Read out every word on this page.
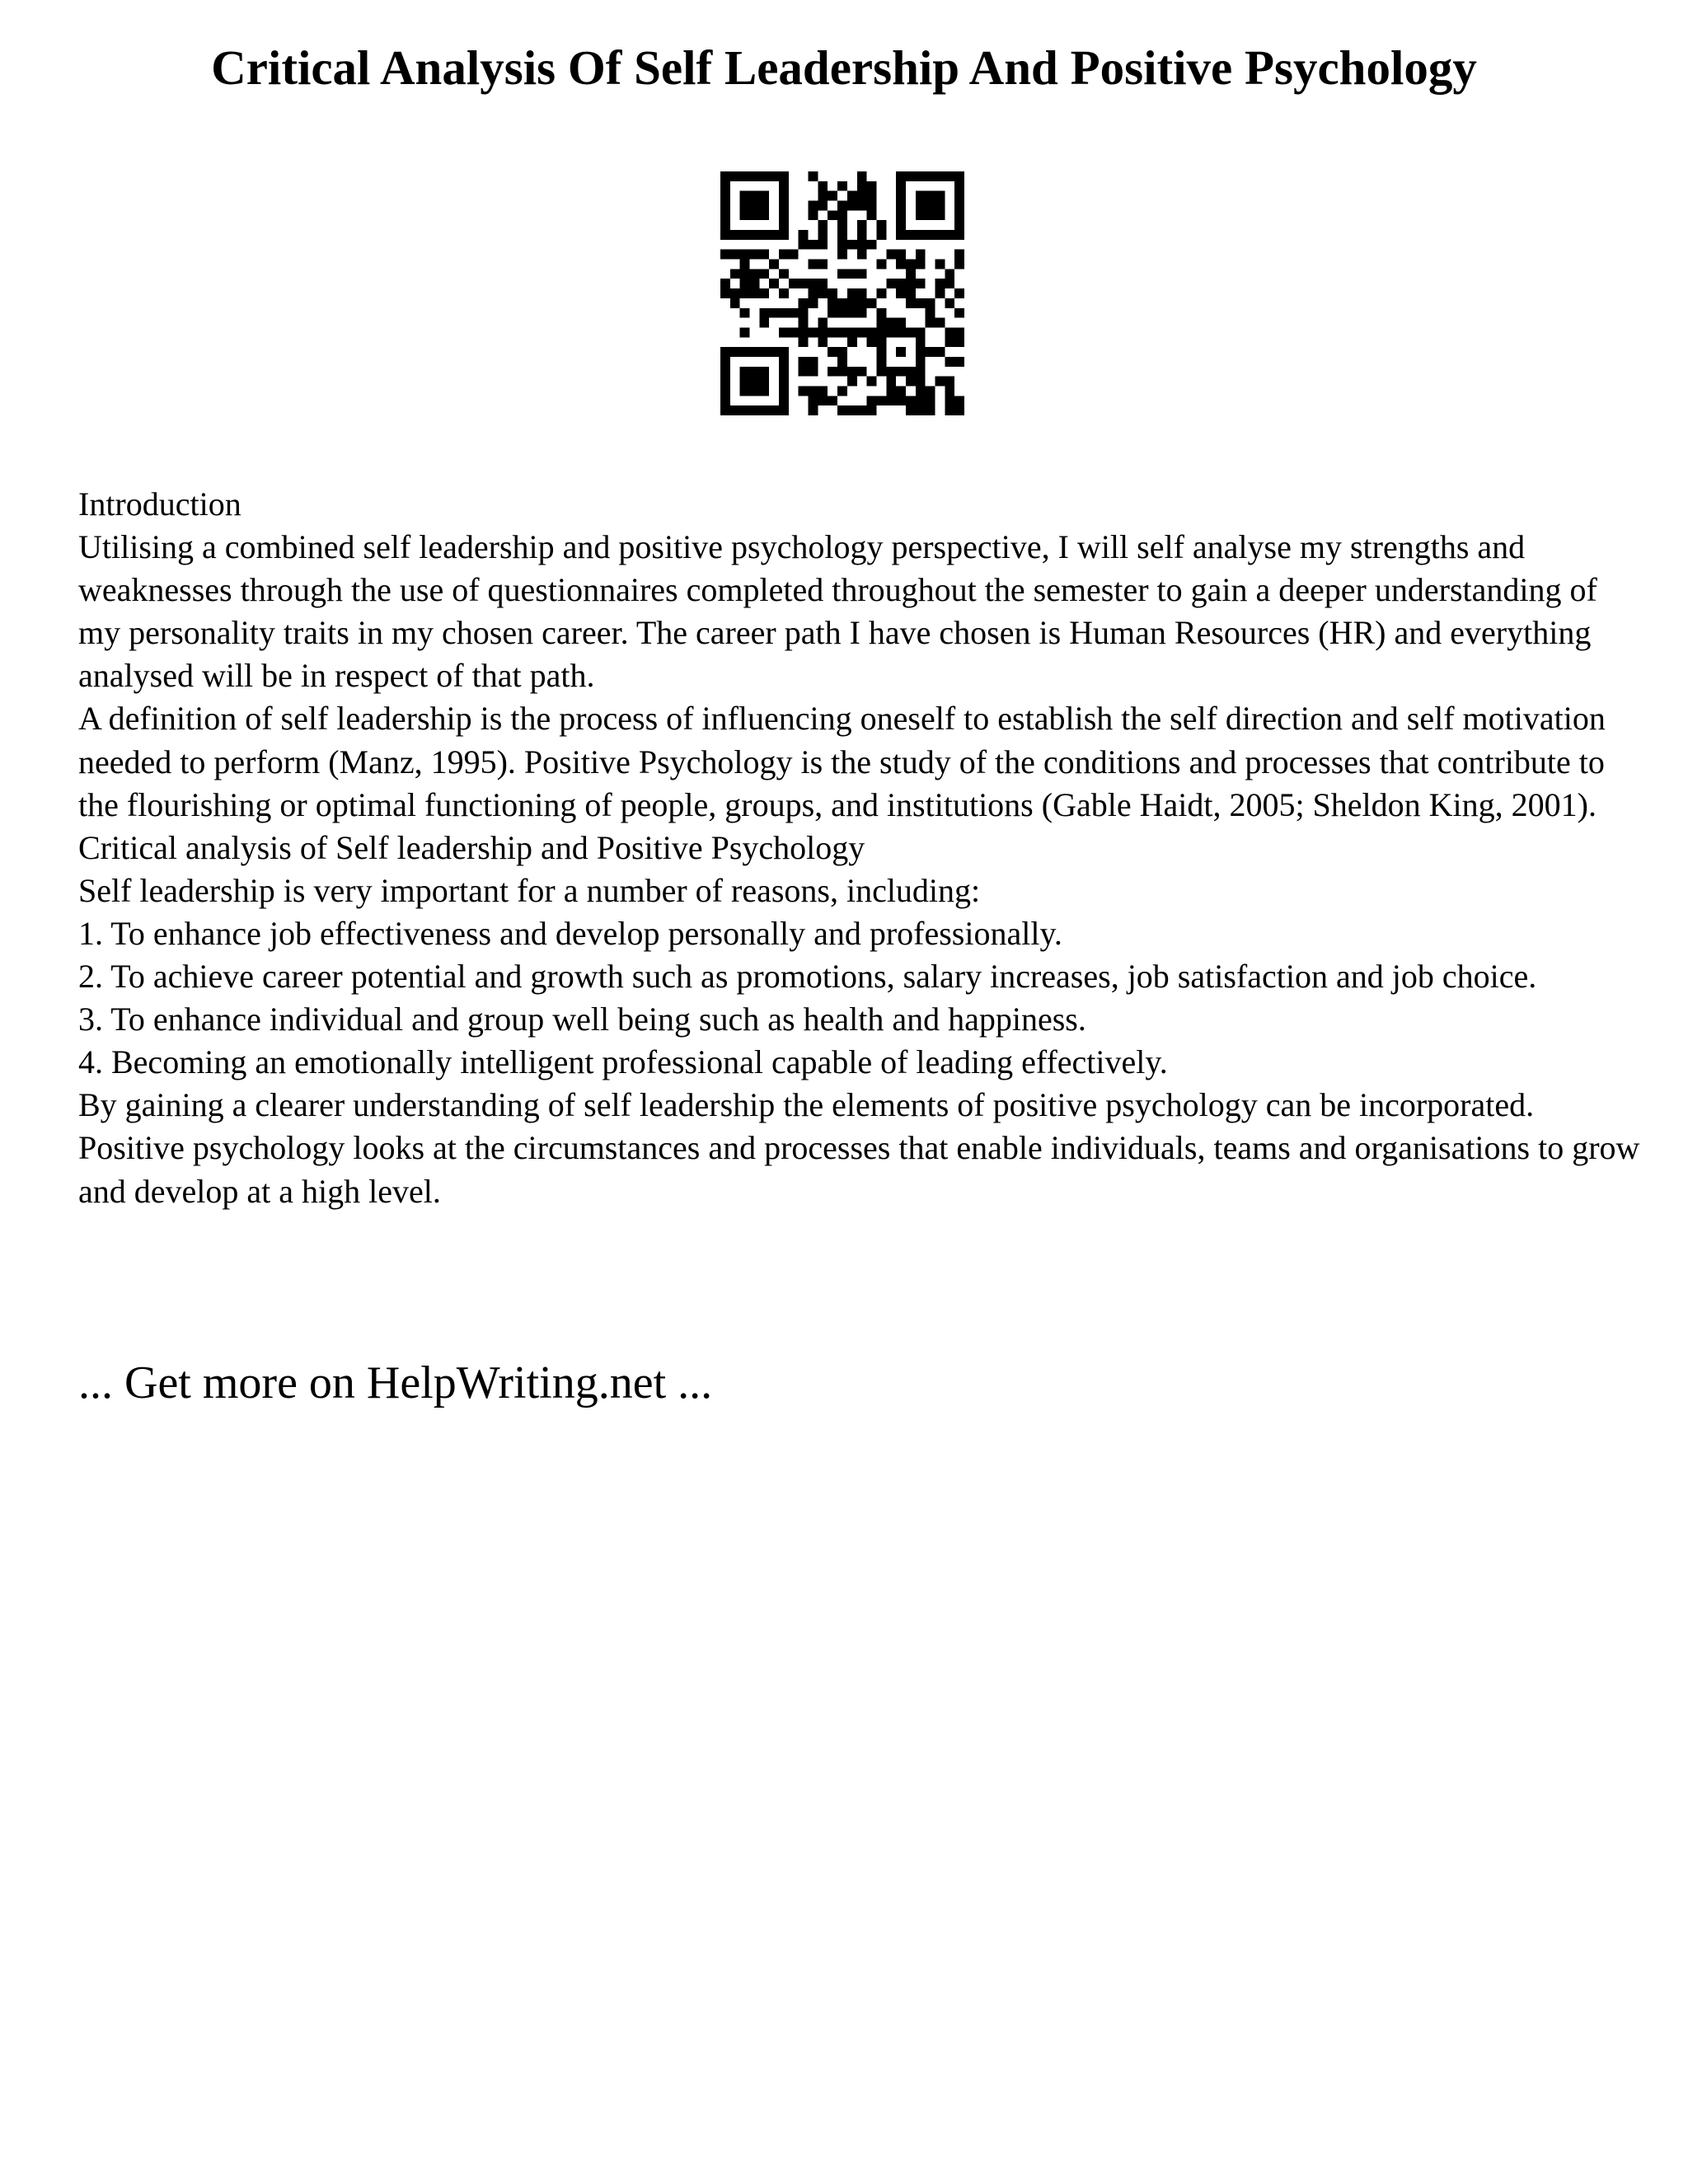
Critical Analysis Of Self Leadership And Positive Psychology

Introduction

Utilising a combined self leadership and positive psychology perspective, I will self analyse my strengths and weaknesses through the use of questionnaires completed throughout the semester to gain a deeper understanding of my personality traits in my chosen career. The career path I have chosen is Human Resources (HR) and everything analysed will be in respect of that path.

A definition of self leadership is the process of influencing oneself to establish the self direction and self motivation needed to perform (Manz, 1995). Positive Psychology is the study of the conditions and processes that contribute to the flourishing or optimal functioning of people, groups, and institutions (Gable Haidt, 2005; Sheldon King, 2001).

Critical analysis of Self leadership and Positive Psychology

Self leadership is very important for a number of reasons, including:

1. To enhance job effectiveness and develop personally and professionally.

2. To achieve career potential and growth such as promotions, salary increases, job satisfaction and job choice.

3. To enhance individual and group well being such as health and happiness.

4. Becoming an emotionally intelligent professional capable of leading effectively.

By gaining a clearer understanding of self leadership the elements of positive psychology can be incorporated. Positive psychology looks at the circumstances and processes that enable individuals, teams and organisations to grow and develop at a high level.

... Get more on HelpWriting.net ...
